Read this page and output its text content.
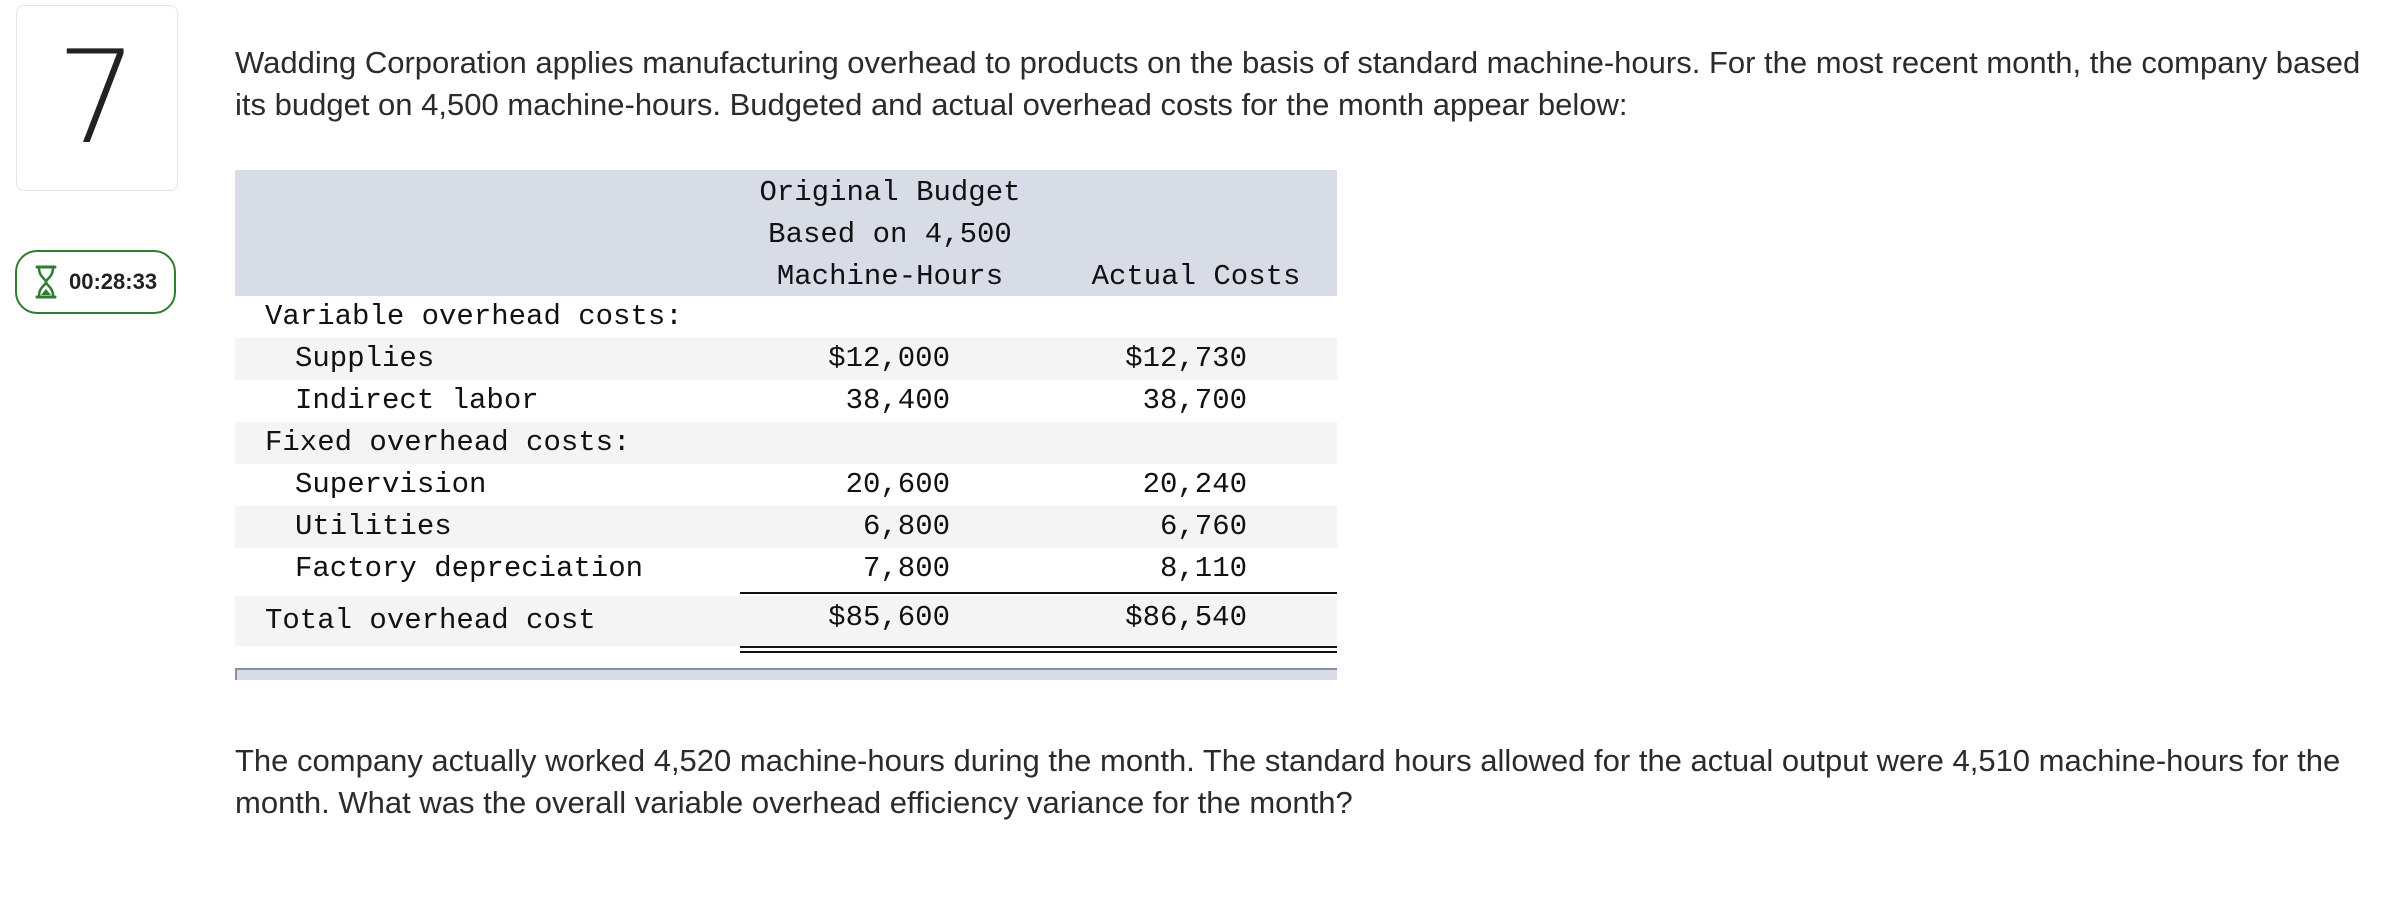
7
00:28:33

Wadding Corporation applies manufacturing overhead to products on the basis of standard machine-hours. For the most recent month, the company based its budget on 4,500 machine-hours. Budgeted and actual overhead costs for the month appear below:

Original Budget
Based on 4,500
Machine-Hours	Actual Costs
Variable overhead costs:
Supplies	$12,000	$12,730
Indirect labor	38,400	38,700
Fixed overhead costs:
Supervision	20,600	20,240
Utilities	6,800	6,760
Factory depreciation	7,800	8,110
Total overhead cost	$85,600	$86,540

The company actually worked 4,520 machine-hours during the month. The standard hours allowed for the actual output were 4,510 machine-hours for the month. What was the overall variable overhead efficiency variance for the month?
